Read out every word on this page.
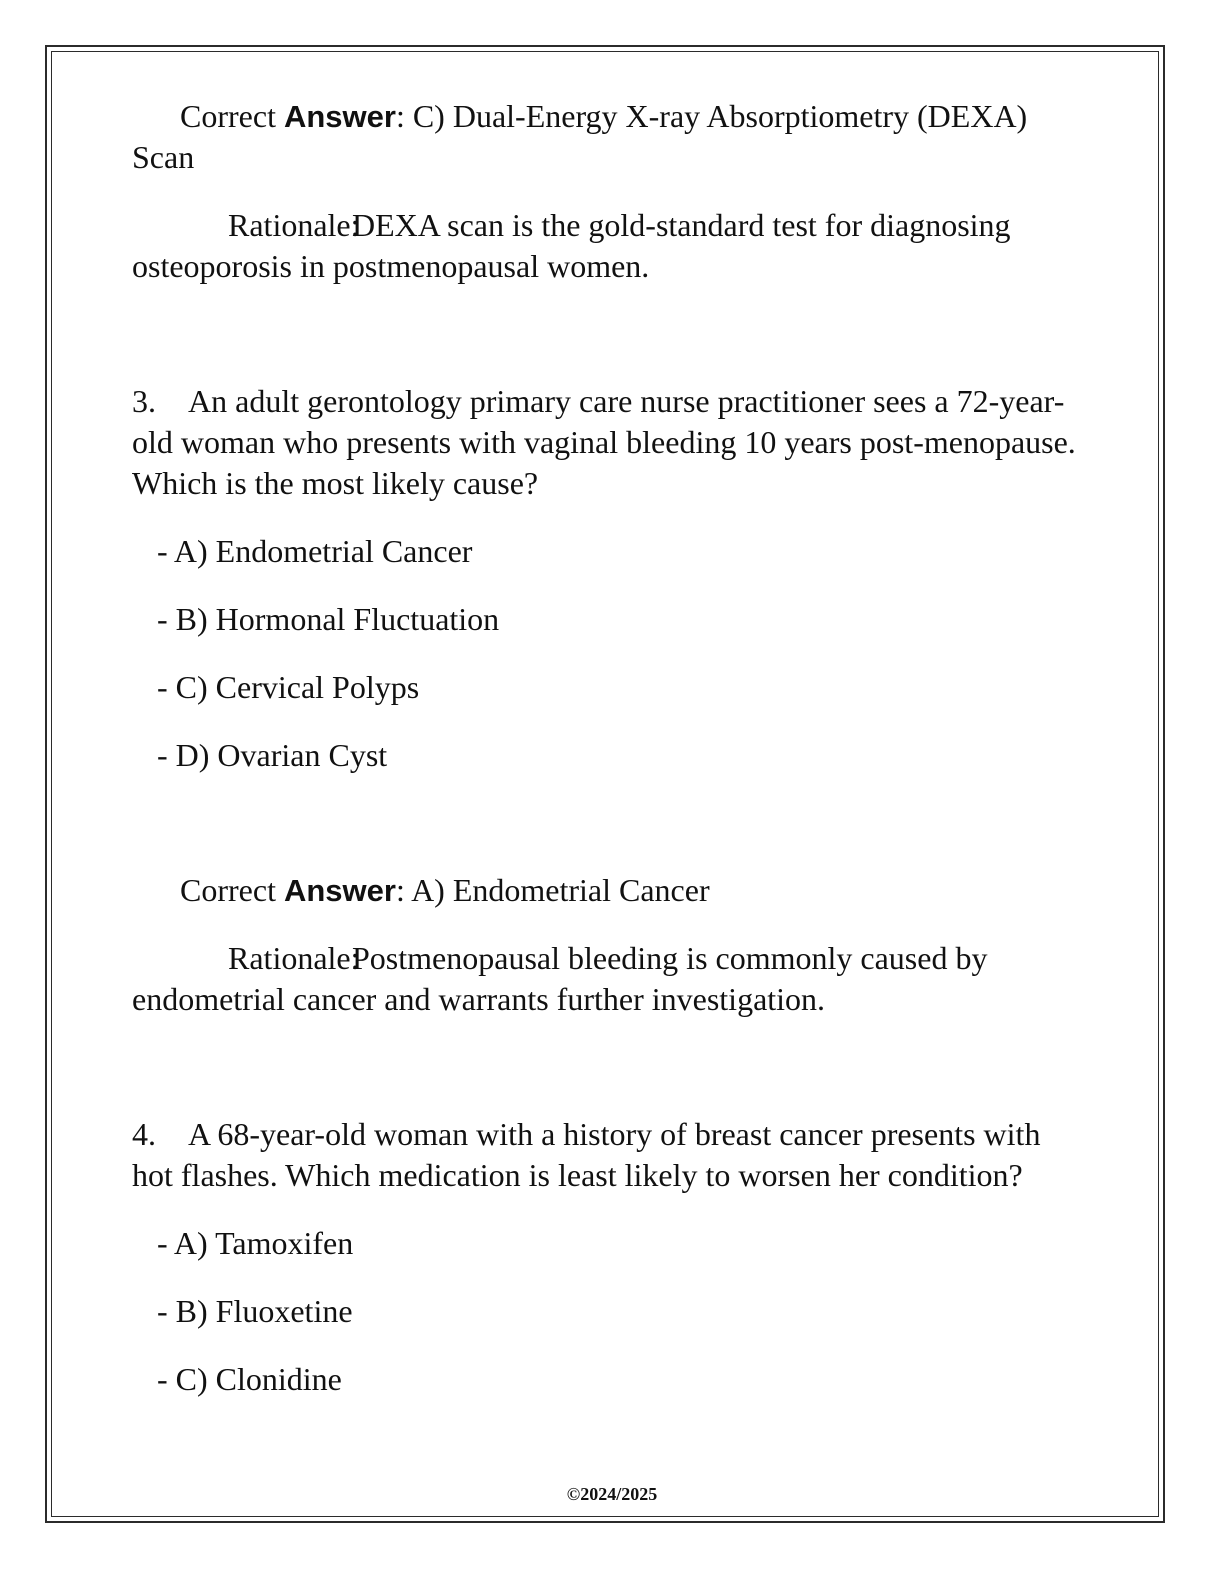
Correct Answer: C) Dual-Energy X-ray Absorptiometry (DEXA) Scan

Rationale:DEXA scan is the gold-standard test for diagnosing osteoporosis in postmenopausal women.

3. An adult gerontology primary care nurse practitioner sees a 72-year-old woman who presents with vaginal bleeding 10 years post-menopause. Which is the most likely cause?

- A) Endometrial Cancer

- B) Hormonal Fluctuation

- C) Cervical Polyps

- D) Ovarian Cyst

Correct Answer: A) Endometrial Cancer

Rationale:Postmenopausal bleeding is commonly caused by endometrial cancer and warrants further investigation.

4. A 68-year-old woman with a history of breast cancer presents with hot flashes. Which medication is least likely to worsen her condition?

- A) Tamoxifen

- B) Fluoxetine

- C) Clonidine

©2024/2025
